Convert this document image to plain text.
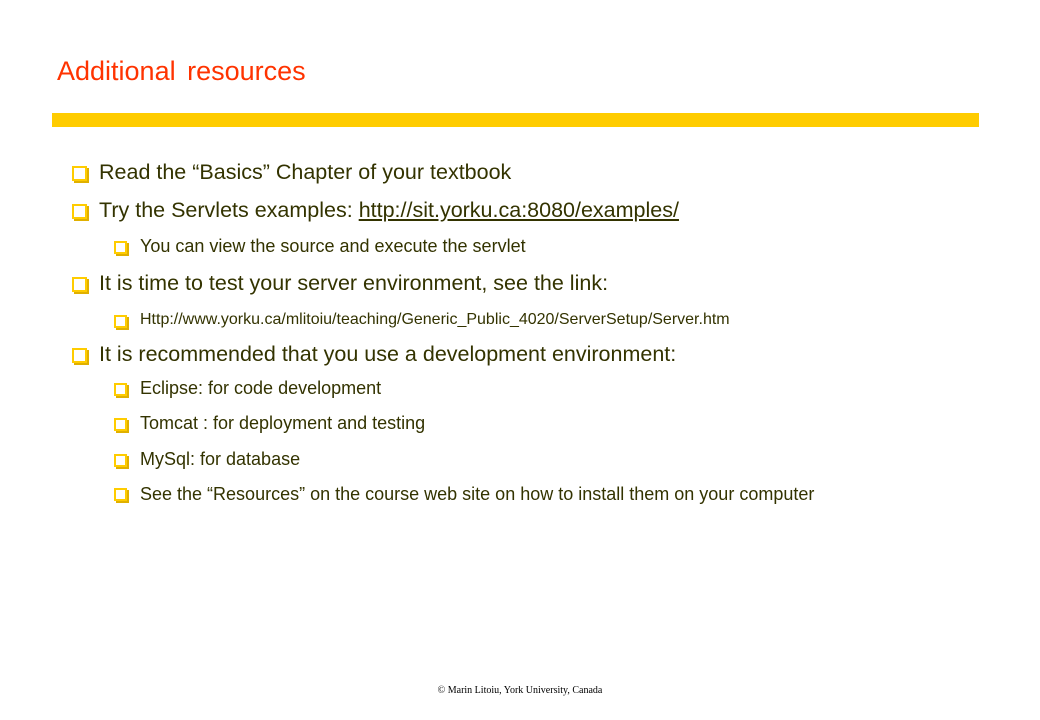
Additional resources
Read the “Basics” Chapter of your textbook
Try the Servlets examples: http://sit.yorku.ca:8080/examples/
You can view the source and execute the servlet
It is time to test your server environment, see the link:
Http://www.yorku.ca/mlitoiu/teaching/Generic_Public_4020/ServerSetup/Server.htm
It is recommended that you use a development environment:
Eclipse: for code development
Tomcat : for deployment and testing
MySql: for database
See the “Resources” on the course web site on how to install them on your computer
© Marin Litoiu, York University, Canada
